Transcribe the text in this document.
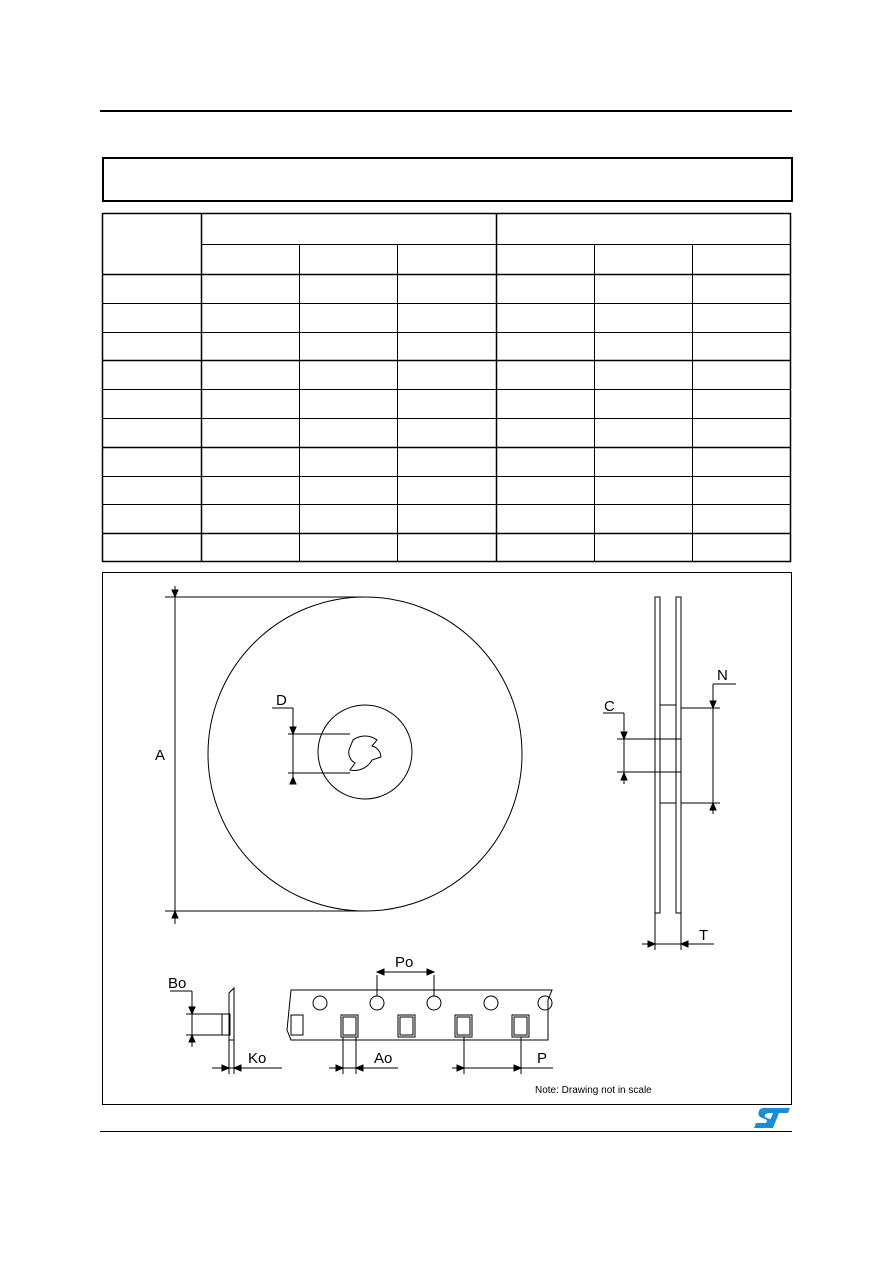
A
D	C
N
T
Bo
Ko
Po
Ao	P
Note: Drawing not in scale
